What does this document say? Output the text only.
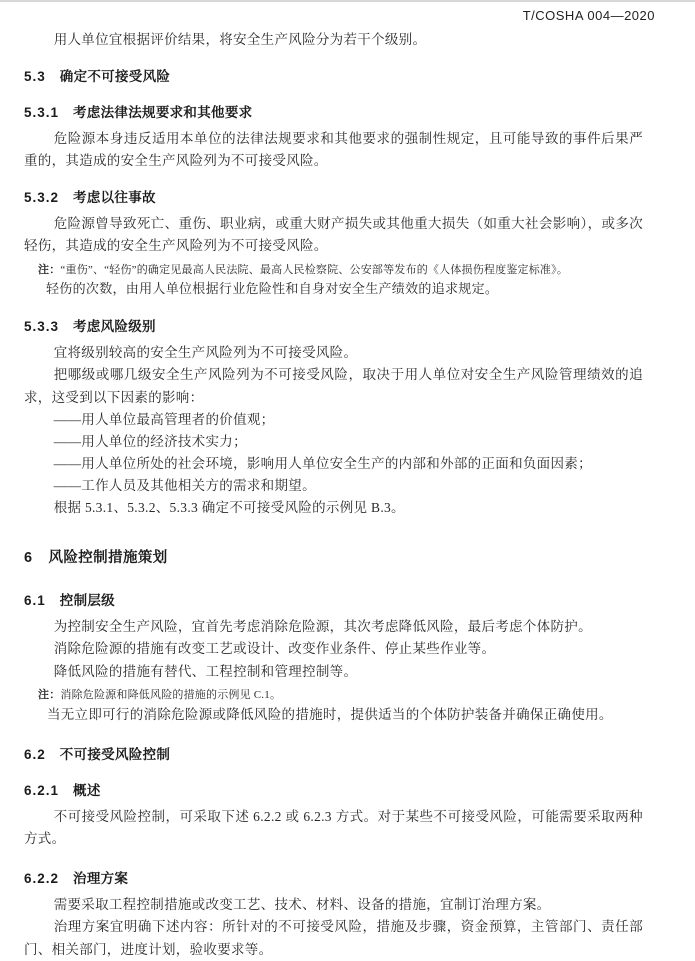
T/COSHA 004—2020

用人单位宜根据评价结果，将安全生产风险分为若干个级别。

5.3 确定不可接受风险
5.3.1 考虑法律法规要求和其他要求

危险源本身违反适用本单位的法律法规要求和其他要求的强制性规定，且可能导致的事件后果严重的，其造成的安全生产风险列为不可接受风险。

5.3.2 考虑以往事故

危险源曾导致死亡、重伤、职业病，或重大财产损失或其他重大损失（如重大社会影响），或多次轻伤，其造成的安全生产风险列为不可接受风险。

注：“重伤”、“轻伤”的确定见最高人民法院、最高人民检察院、公安部等发布的《人体损伤程度鉴定标准》。
轻伤的次数，由用人单位根据行业危险性和自身对安全生产绩效的追求规定。
5.3.3 考虑风险级别

宜将级别较高的安全生产风险列为不可接受风险。

把哪级或哪几级安全生产风险列为不可接受风险，取决于用人单位对安全生产风险管理绩效的追求，这受到以下因素的影响：

——用人单位最高管理者的价值观；
——用人单位的经济技术实力；
——用人单位所处的社会环境，影响用人单位安全生产的内部和外部的正面和负面因素；
——工作人员及其他相关方的需求和期望。

根据 5.3.1、5.3.2、5.3.3 确定不可接受风险的示例见 B.3。

6 风险控制措施策划
6.1 控制层级

为控制安全生产风险，宜首先考虑消除危险源，其次考虑降低风险，最后考虑个体防护。

消除危险源的措施有改变工艺或设计、改变作业条件、停止某些作业等。

降低风险的措施有替代、工程控制和管理控制等。

注：消除危险源和降低风险的措施的示例见 C.1。

当无立即可行的消除危险源或降低风险的措施时，提供适当的个体防护装备并确保正确使用。

6.2 不可接受风险控制
6.2.1 概述

不可接受风险控制，可采取下述 6.2.2 或 6.2.3 方式。对于某些不可接受风险，可能需要采取两种方式。

6.2.2 治理方案

需要采取工程控制措施或改变工艺、技术、材料、设备的措施，宜制订治理方案。

治理方案宜明确下述内容：所针对的不可接受风险，措施及步骤，资金预算，主管部门、责任部门、相关部门，进度计划，验收要求等。
